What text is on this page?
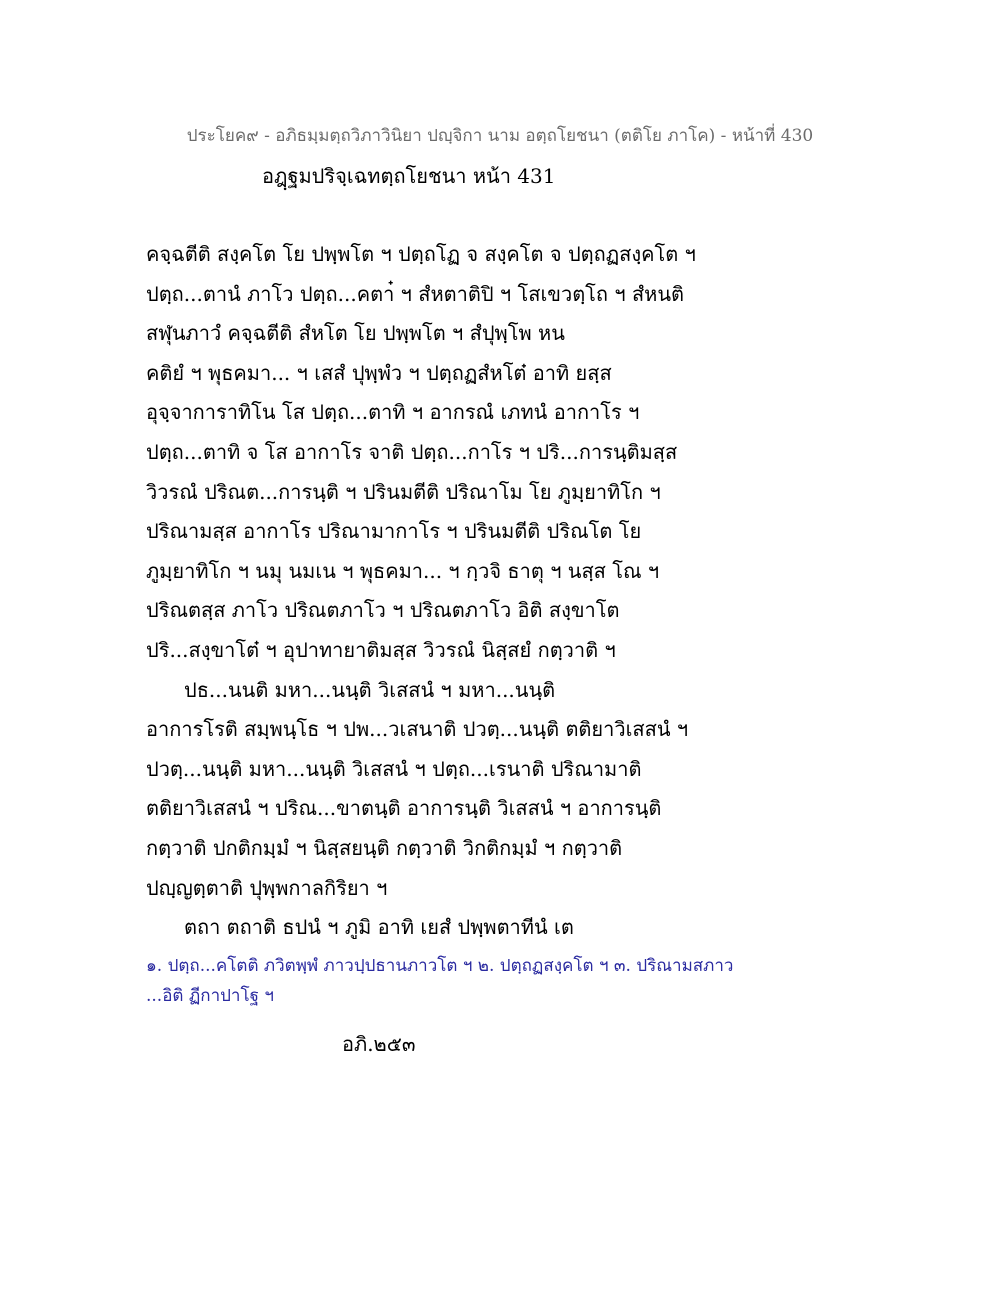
ประโยค๙ - อภิธมฺมตฺถวิภาวินิยา ปญฺจิกา นาม อตฺถโยชนา (ตติโย ภาโค) - หน้าที่ 430
อฎฺฐมปริจฺเฉทตฺถโยชนา หน้า 431
คจฺฉตีติ สงฺคโต โย ปพฺพโต ฯ ปตฺถโฏ จ สงฺคโต จ ปตฺถฏสงฺคโต ฯ
ปตฺถ...ตานํ ภาโว ปตฺถ...คตา๋ ฯ สํหตาติปิ ฯ โสเขวตฺโถ ฯ สํหนติ
สฬุนภาวํ คจฺฉตีติ สํหโต โย ปพฺพโต ฯ สํปุพฺโพ หน
คติยํ ฯ พุธคมา... ฯ เสสํ ปุพฺพํว ฯ ปตฺถฏสํหโต๋ อาทิ ยสฺส
อุจฺจาการาทิโน โส ปตฺถ...ตาทิ ฯ อากรณํ เภทนํ อากาโร ฯ
ปตฺถ...ตาทิ จ โส อากาโร จาติ ปตฺถ...กาโร ฯ ปริ...การนฺติมสฺส
วิวรณํ ปริณต...การนฺติ ฯ ปรินมตีติ ปริณาโม โย ภูมฺยาทิโก ฯ
ปริณามสฺส อากาโร ปริณามากาโร ฯ ปรินมตีติ ปริณโต โย
ภูมฺยาทิโก ฯ นมุ นมเน ฯ พุธคมา... ฯ กฺวจิ ธาตุ ฯ นสฺส โณ ฯ
ปริณตสฺส ภาโว ปริณตภาโว ฯ ปริณตภาโว อิติ สงฺขาโต
ปริ...สงฺขาโต๋ ฯ อุปาทายาติมสฺส วิวรณํ นิสฺสยํ กตฺวาติ ฯ
ปธ...นนติ มหา...นนฺติ วิเสสนํ ฯ มหา...นนฺติ
อาการโรติ สมฺพนฺโธ ฯ ปพ...วเสนาติ ปวตฺ...นนฺติ ตติยาวิเสสนํ ฯ
ปวตฺ...นนฺติ มหา...นนฺติ วิเสสนํ ฯ ปตฺถ...เรนาติ ปริณามาติ
ตติยาวิเสสนํ ฯ ปริณ...ขาตนฺติ อาการนฺติ วิเสสนํ ฯ อาการนฺติ
กตฺวาติ ปกติกมฺมํ ฯ นิสฺสยนฺติ กตฺวาติ วิกติกมฺมํ ฯ กตฺวาติ
ปญฺญตฺตาติ ปุพฺพกาลกิริยา ฯ
ตถา ตถาติ ธปนํ ฯ ภูมิ อาทิ เยสํ ปพฺพตาทีนํ เต
๑. ปตฺถ...คโตติ ภวิตพฺพํ ภาวปฺปธานภาวโต ฯ ๒. ปตฺถฏสงฺคโต ฯ ๓. ปริณามสภาว
...อิติ ฏีกาปาโฐ ฯ
อภิ.๒๕๓
